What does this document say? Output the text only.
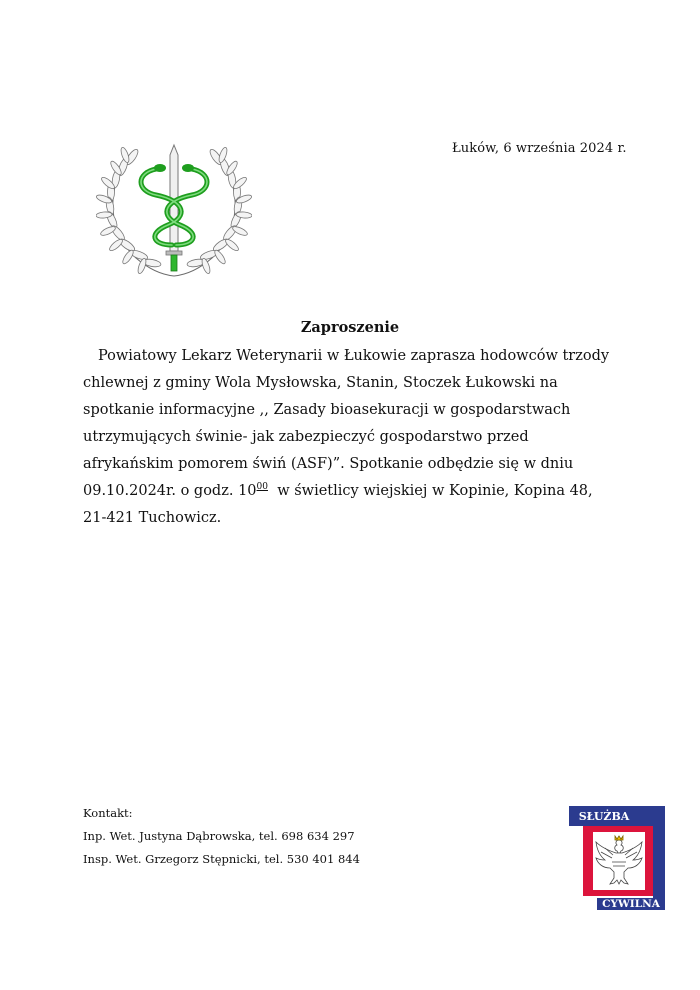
Łuków, 6 września 2024 r.
Zaproszenie
Powiatowy Lekarz Weterynarii w Łukowie zaprasza hodowców trzody
chlewnej z gminy Wola Mysłowska, Stanin, Stoczek Łukowski na
spotkanie informacyjne ,, Zasady bioasekuracji w gospodarstwach
utrzymujących świnie- jak zabezpieczyć gospodarstwo przed
afrykańskim pomorem świń (ASF)”. Spotkanie odbędzie się w dniu
09.10.2024r. o godz. $10^{00}$  w świetlicy wiejskiej w Kopinie, Kopina 48,
21-421 Tuchowicz.
Kontakt:
Inp. Wet. Justyna Dąbrowska, tel. 698 634 297
Insp. Wet. Grzegorz Stępnicki, tel. 530 401 844
SŁUŻBA
CYWILNA
